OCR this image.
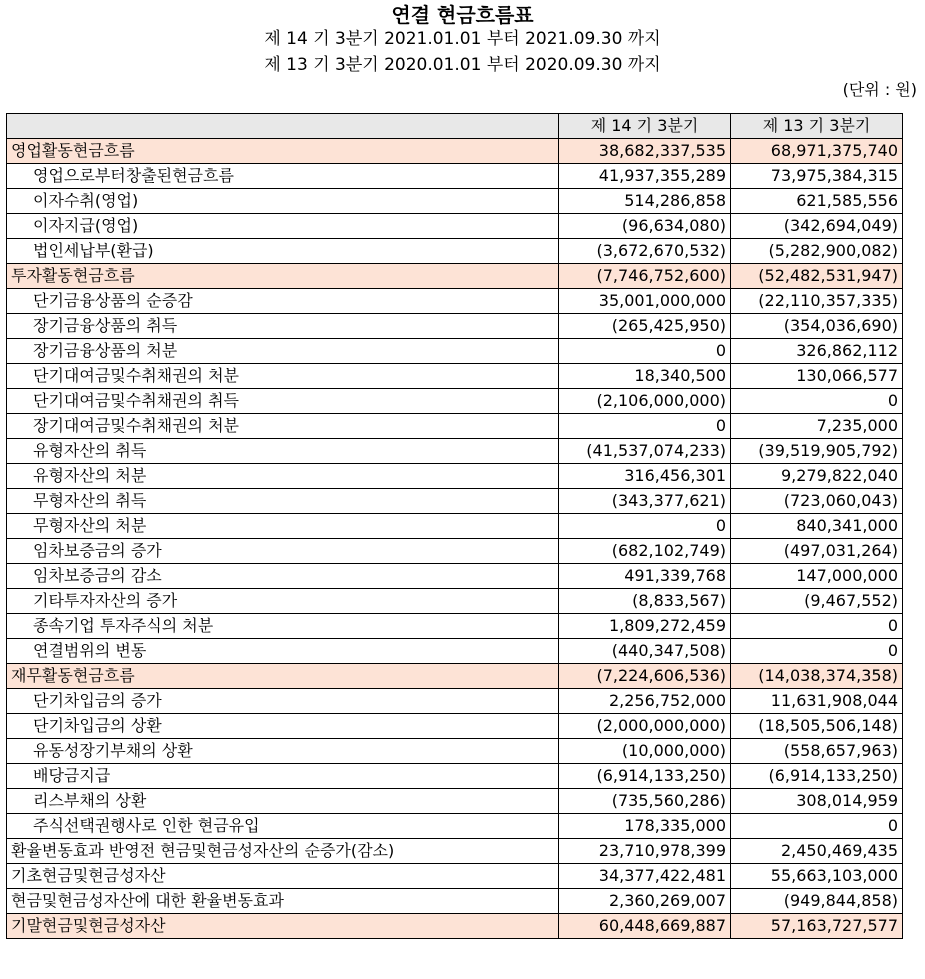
연결 현금흐름표
제 14 기 3분기 2021.01.01 부터 2021.09.30 까지
제 13 기 3분기 2020.01.01 부터 2020.09.30 까지
(단위 : 원)
	제 14 기 3분기	제 13 기 3분기
영업활동현금흐름	38,682,337,535	68,971,375,740
영업으로부터창출된현금흐름	41,937,355,289	73,975,384,315
이자수취(영업)	514,286,858	621,585,556
이자지급(영업)	(96,634,080)	(342,694,049)
법인세납부(환급)	(3,672,670,532)	(5,282,900,082)
투자활동현금흐름	(7,746,752,600)	(52,482,531,947)
단기금융상품의 순증감	35,001,000,000	(22,110,357,335)
장기금융상품의 취득	(265,425,950)	(354,036,690)
장기금융상품의 처분	0	326,862,112
단기대여금및수취채권의 처분	18,340,500	130,066,577
단기대여금및수취채권의 취득	(2,106,000,000)	0
장기대여금및수취채권의 처분	0	7,235,000
유형자산의 취득	(41,537,074,233)	(39,519,905,792)
유형자산의 처분	316,456,301	9,279,822,040
무형자산의 취득	(343,377,621)	(723,060,043)
무형자산의 처분	0	840,341,000
임차보증금의 증가	(682,102,749)	(497,031,264)
임차보증금의 감소	491,339,768	147,000,000
기타투자자산의 증가	(8,833,567)	(9,467,552)
종속기업 투자주식의 처분	1,809,272,459	0
연결범위의 변동	(440,347,508)	0
재무활동현금흐름	(7,224,606,536)	(14,038,374,358)
단기차입금의 증가	2,256,752,000	11,631,908,044
단기차입금의 상환	(2,000,000,000)	(18,505,506,148)
유동성장기부채의 상환	(10,000,000)	(558,657,963)
배당금지급	(6,914,133,250)	(6,914,133,250)
리스부채의 상환	(735,560,286)	308,014,959
주식선택권행사로 인한 현금유입	178,335,000	0
환율변동효과 반영전 현금및현금성자산의 순증가(감소)	23,710,978,399	2,450,469,435
기초현금및현금성자산	34,377,422,481	55,663,103,000
현금및현금성자산에 대한 환율변동효과	2,360,269,007	(949,844,858)
기말현금및현금성자산	60,448,669,887	57,163,727,577
